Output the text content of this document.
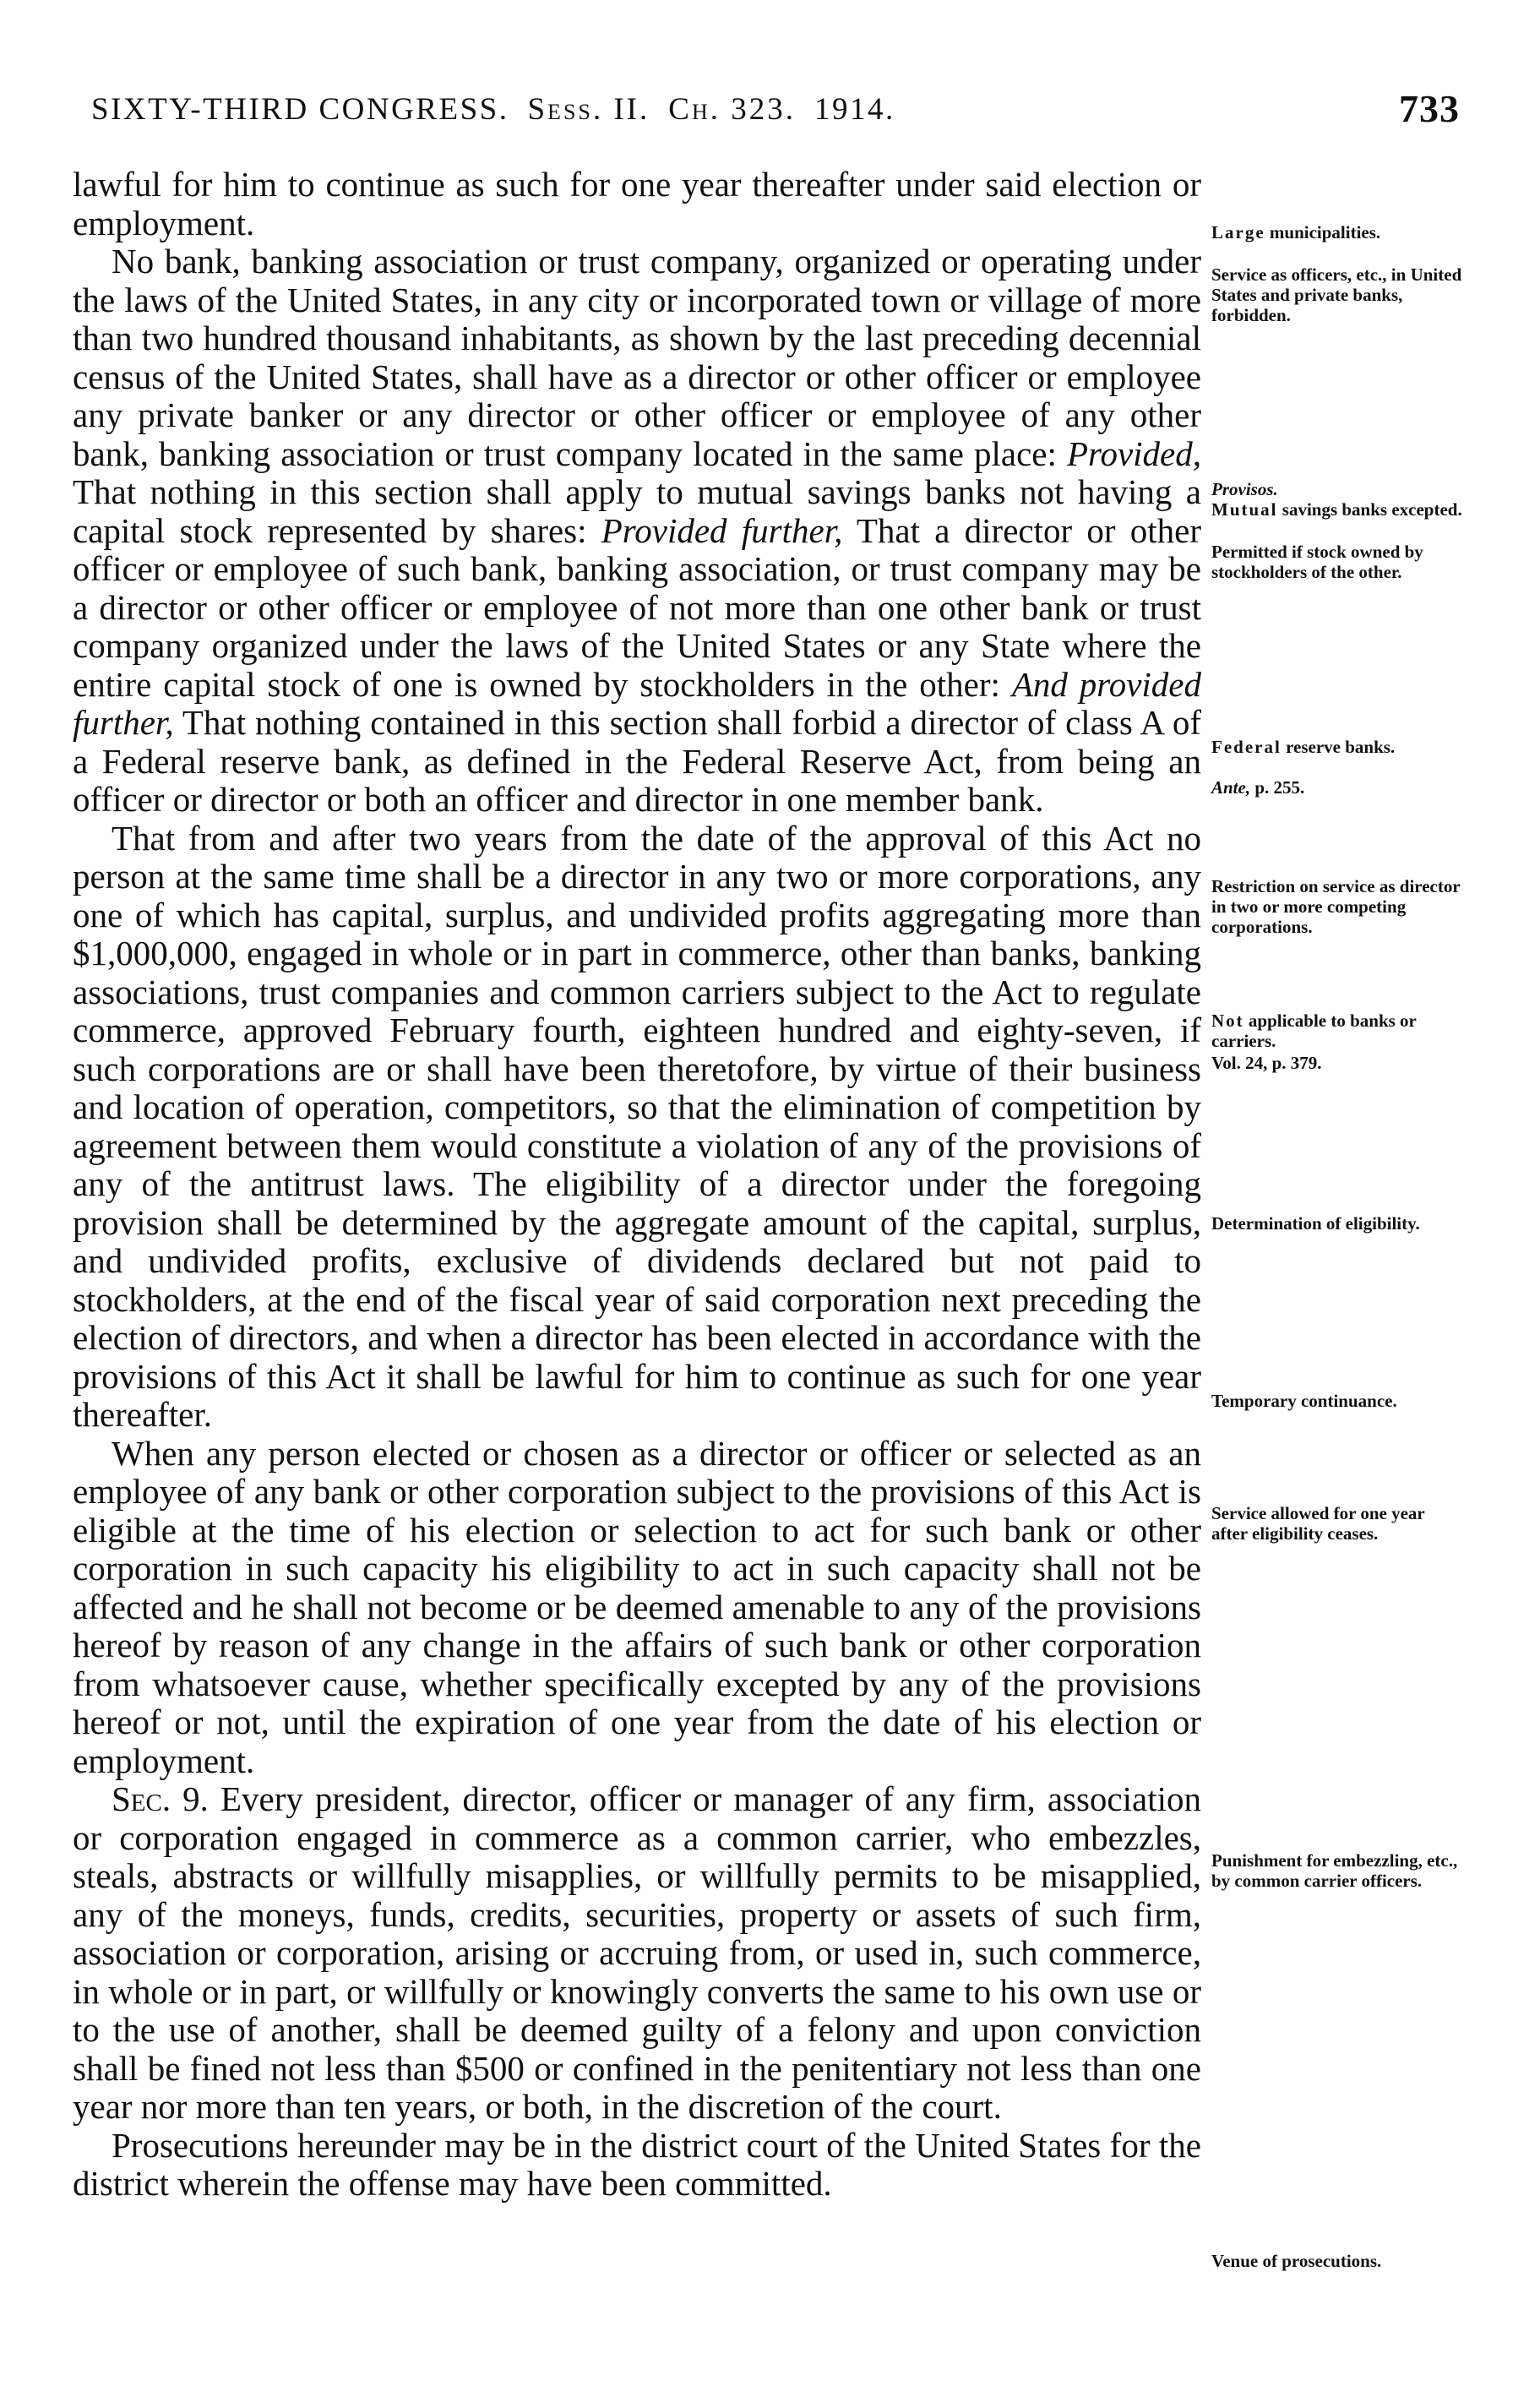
SIXTY-THIRD CONGRESS. Sess. II. Ch. 323. 1914.	733

lawful for him to continue as such for one year thereafter under said election or employment.

No bank, banking association or trust company, organized or operating under the laws of the United States, in any city or incorporated town or village of more than two hundred thousand inhabitants, as shown by the last preceding decennial census of the United States, shall have as a director or other officer or employee any private banker or any director or other officer or employee of any other bank, banking association or trust company located in the same place: Provided, That nothing in this section shall apply to mutual savings banks not having a capital stock represented by shares: Provided further, That a director or other officer or employee of such bank, banking association, or trust company may be a director or other officer or employee of not more than one other bank or trust company organized under the laws of the United States or any State where the entire capital stock of one is owned by stockholders in the other: And provided further, That nothing contained in this section shall forbid a director of class A of a Federal reserve bank, as defined in the Federal Reserve Act, from being an officer or director or both an officer and director in one member bank.

That from and after two years from the date of the approval of this Act no person at the same time shall be a director in any two or more corporations, any one of which has capital, surplus, and undivided profits aggregating more than $1,000,000, engaged in whole or in part in commerce, other than banks, banking associations, trust companies and common carriers subject to the Act to regulate commerce, approved February fourth, eighteen hundred and eighty-seven, if such corporations are or shall have been theretofore, by virtue of their business and location of operation, competitors, so that the elimination of competition by agreement between them would constitute a violation of any of the provisions of any of the antitrust laws. The eligibility of a director under the foregoing provision shall be determined by the aggregate amount of the capital, surplus, and undivided profits, exclusive of dividends declared but not paid to stockholders, at the end of the fiscal year of said corporation next preceding the election of directors, and when a director has been elected in accordance with the provisions of this Act it shall be lawful for him to continue as such for one year thereafter.

When any person elected or chosen as a director or officer or selected as an employee of any bank or other corporation subject to the provisions of this Act is eligible at the time of his election or selection to act for such bank or other corporation in such capacity his eligibility to act in such capacity shall not be affected and he shall not become or be deemed amenable to any of the provisions hereof by reason of any change in the affairs of such bank or other corporation from whatsoever cause, whether specifically excepted by any of the provisions hereof or not, until the expiration of one year from the date of his election or employment.

Sec. 9. Every president, director, officer or manager of any firm, association or corporation engaged in commerce as a common carrier, who embezzles, steals, abstracts or willfully misapplies, or willfully permits to be misapplied, any of the moneys, funds, credits, securities, property or assets of such firm, association or corporation, arising or accruing from, or used in, such commerce, in whole or in part, or willfully or knowingly converts the same to his own use or to the use of another, shall be deemed guilty of a felony and upon conviction shall be fined not less than $500 or confined in the penitentiary not less than one year nor more than ten years, or both, in the discretion of the court.

Prosecutions hereunder may be in the district court of the United States for the district wherein the offense may have been committed.

Large municipalities.
Service as officers, etc., in United States and private banks, forbidden.
Provisos.
Mutual savings banks excepted.
Permitted if stock owned by stockholders of the other.
Federal reserve banks.
Ante, p. 255.
Restriction on service as director in two or more competing corporations.
Not applicable to banks or carriers.
Vol. 24, p. 379.
Determination of eligibility.
Temporary continuance.
Service allowed for one year after eligibility ceases.
Punishment for embezzling, etc., by common carrier officers.
Venue of prosecutions.
